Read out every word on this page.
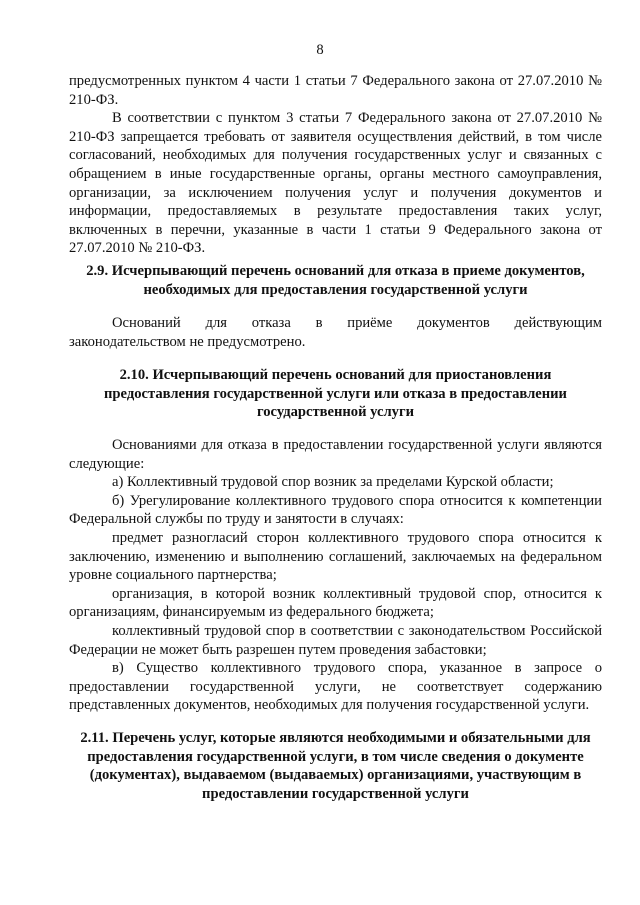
8

предусмотренных пунктом 4 части 1 статьи 7 Федерального закона от 27.07.2010 № 210-ФЗ.

В соответствии с пунктом 3 статьи 7 Федерального закона от 27.07.2010 № 210-ФЗ запрещается требовать от заявителя осуществления действий, в том числе согласований, необходимых для получения государственных услуг и связанных с обращением в иные государственные органы, органы местного самоуправления, организации, за исключением получения услуг и получения документов и информации, предоставляемых в результате предоставления таких услуг, включенных в перечни, указанные в части 1 статьи 9 Федерального закона от 27.07.2010 № 210-ФЗ.

2.9. Исчерпывающий перечень оснований для отказа в приеме документов, необходимых для предоставления государственной услуги

Оснований для отказа в приёме документов действующим

законодательством не предусмотрено.

2.10. Исчерпывающий перечень оснований для приостановления предоставления государственной услуги или отказа в предоставлении государственной услуги

Основаниями для отказа в предоставлении государственной услуги являются следующие:

а) Коллективный трудовой спор возник за пределами Курской области;

б) Урегулирование коллективного трудового спора относится к компетенции Федеральной службы по труду и занятости в случаях:

предмет разногласий сторон коллективного трудового спора относится к заключению, изменению и выполнению соглашений, заключаемых на федеральном уровне социального партнерства;

организация, в которой возник коллективный трудовой спор, относится к организациям, финансируемым из федерального бюджета;

коллективный трудовой спор в соответствии с законодательством Российской Федерации не может быть разрешен путем проведения забастовки;

в) Существо коллективного трудового спора, указанное в запросе о предоставлении государственной услуги, не соответствует содержанию представленных документов, необходимых для получения государственной услуги.

2.11. Перечень услуг, которые являются необходимыми и обязательными для предоставления государственной услуги, в том числе сведения о документе (документах), выдаваемом (выдаваемых) организациями, участвующим в предоставлении государственной услуги
